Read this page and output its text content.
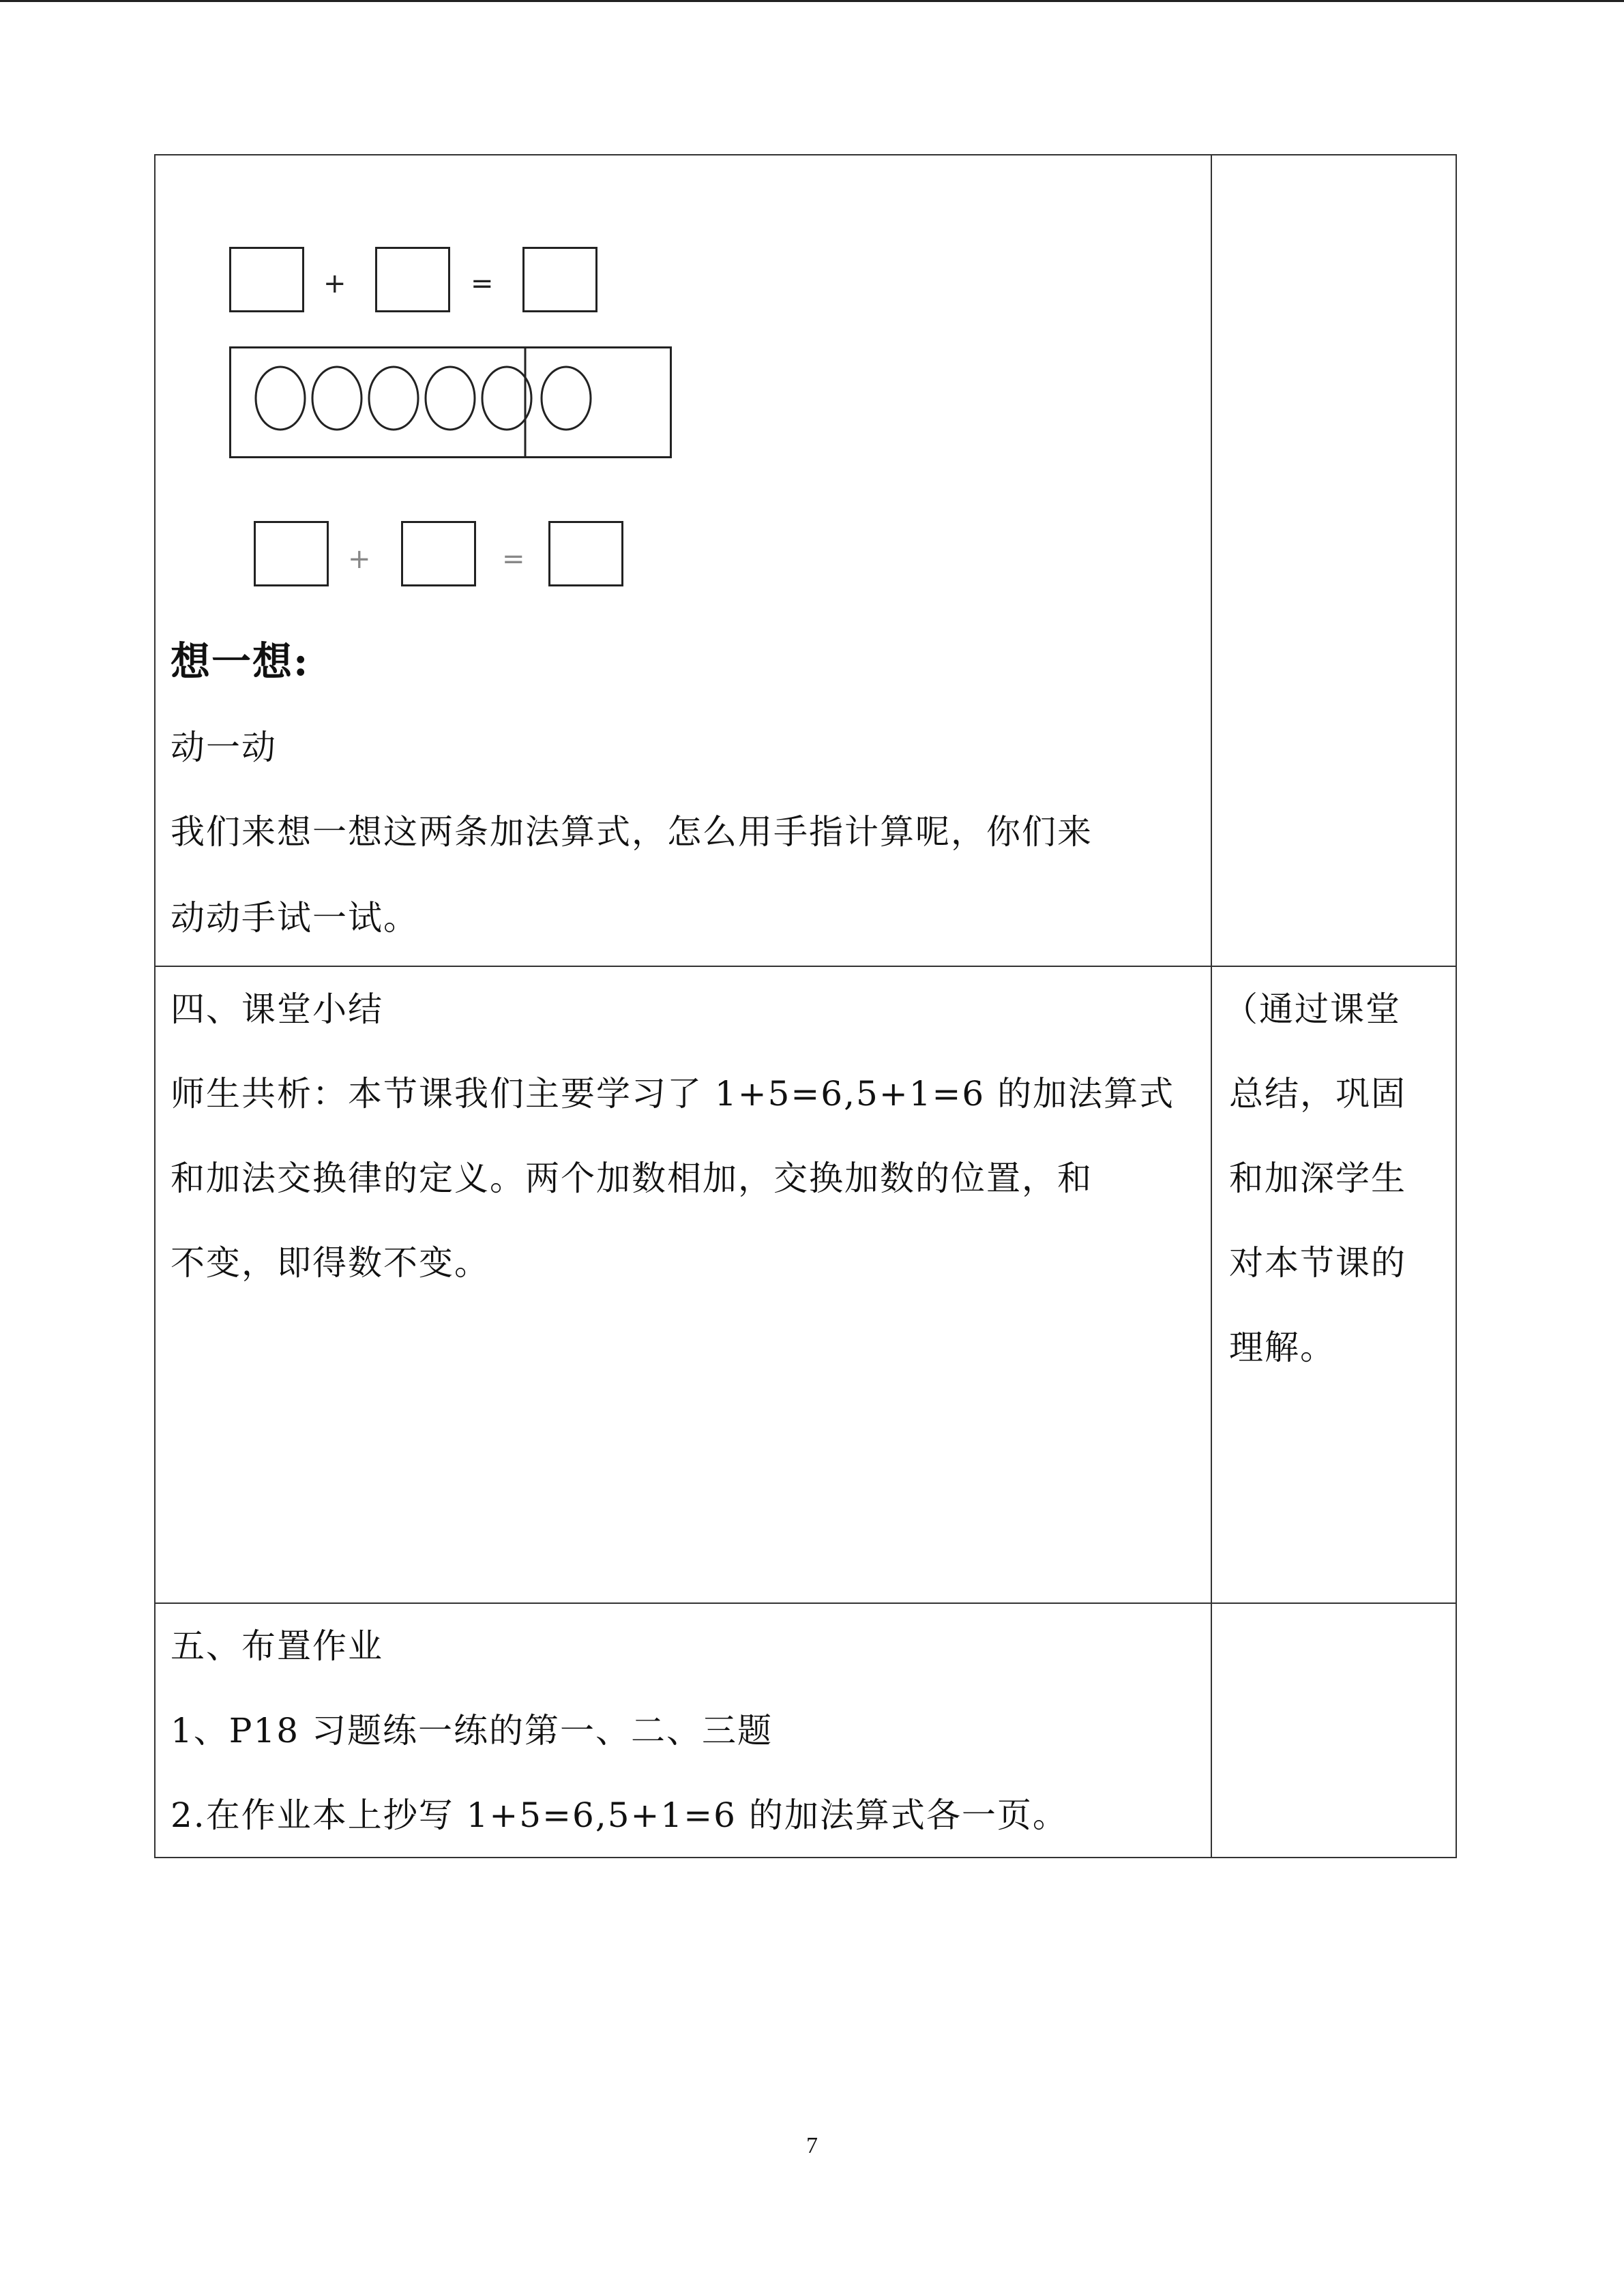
+	=
+	=
想一想:
动一动
我们来想一想这两条加法算式，怎么用手指计算呢，你们来
动动手试一试。
四、课堂小结
师生共析：本节课我们主要学习了 1+5=6,5+1=6 的加法算式
和加法交换律的定义。两个加数相加，交换加数的位置，和
不变，即得数不变。
（通过课堂
总结，巩固
和加深学生
对本节课的
理解。
五、布置作业
1、P18 习题练一练的第一、二、三题
2.在作业本上抄写 1+5=6,5+1=6 的加法算式各一页。
7
